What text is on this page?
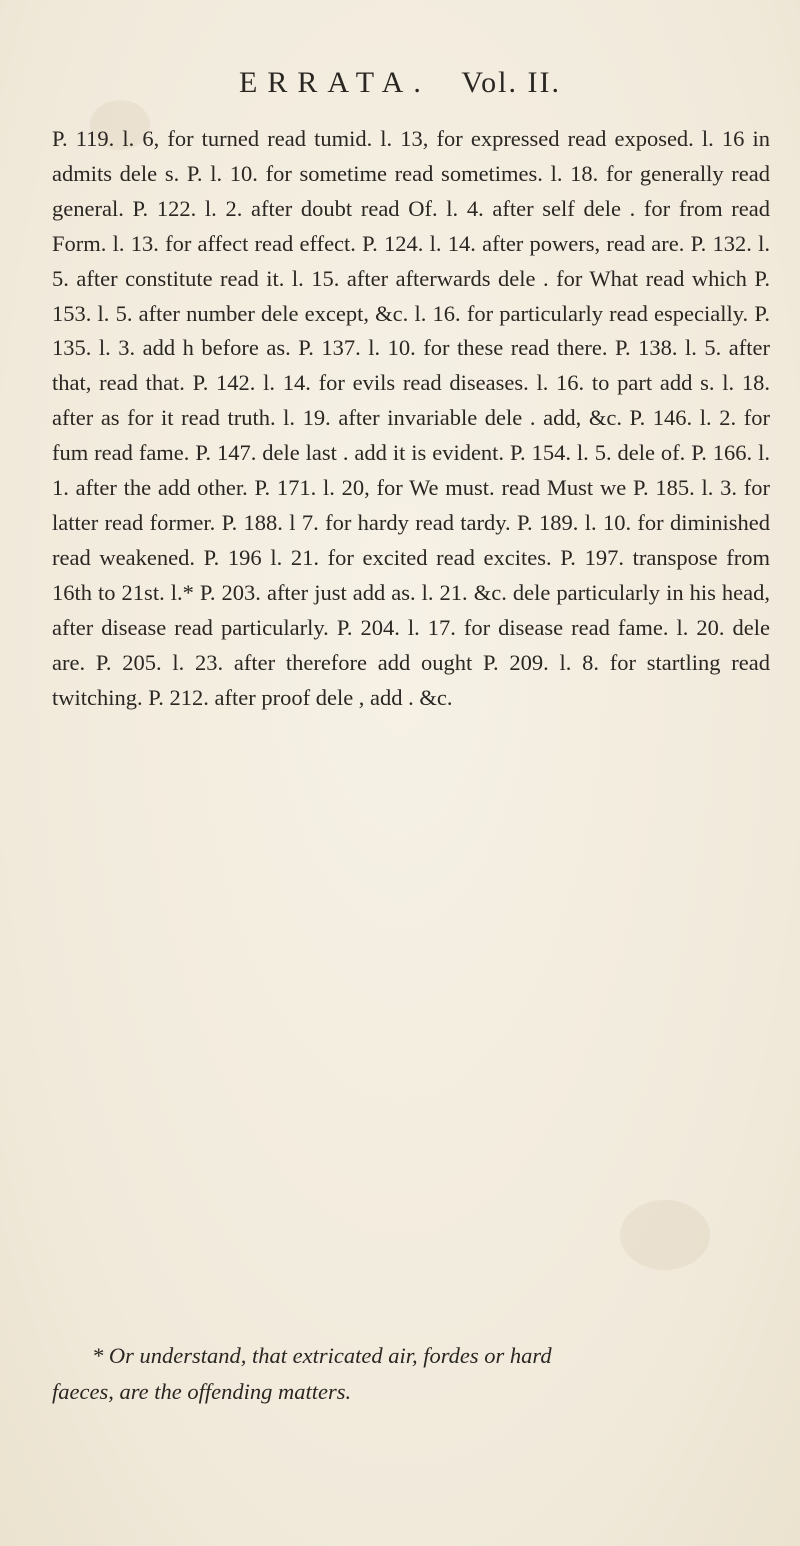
ERRATA. Vol. II.

P. 119. l. 6, for turned read tumid. l. 13, for expressed read exposed. l. 16 in admits dele s. P. l. 10. for sometime read sometimes. l. 18. for generally read general. P. 122. l. 2. after doubt read Of. l. 4. after self dele . for from read Form. l. 13. for affect read effect. P. 124. l. 14. after powers, read are. P. 132. l. 5. after constitute read it. l. 15. after afterwards dele . for What read which P. 153. l. 5. after number dele except, &c. l. 16. for particularly read especially. P. 135. l. 3. add h before as. P. 137. l. 10. for these read there. P. 138. l. 5. after that, read that. P. 142. l. 14. for evils read diseases. l. 16. to part add s. l. 18. after as for it read truth. l. 19. after invariable dele . add, &c. P. 146. l. 2. for fum read fame. P. 147. dele last . add it is evident. P. 154. l. 5. dele of. P. 166. l. 1. after the add other. P. 171. l. 20, for We must. read Must we P. 185. l. 3. for latter read former. P. 188. l 7. for hardy read tardy. P. 189. l. 10. for diminished read weakened. P. 196 l. 21. for excited read excites. P. 197. transpose from 16th to 21st. l.* P. 203. after just add as. l. 21. &c. dele particularly in his head, after disease read particularly. P. 204. l. 17. for disease read fame. l. 20. dele are. P. 205. l. 23. after therefore add ought P. 209. l. 8. for startling read twitching. P. 212. after proof dele , add . &c.

* Or understand, that extricated air, fordes or hard
faeces, are the offending matters.
